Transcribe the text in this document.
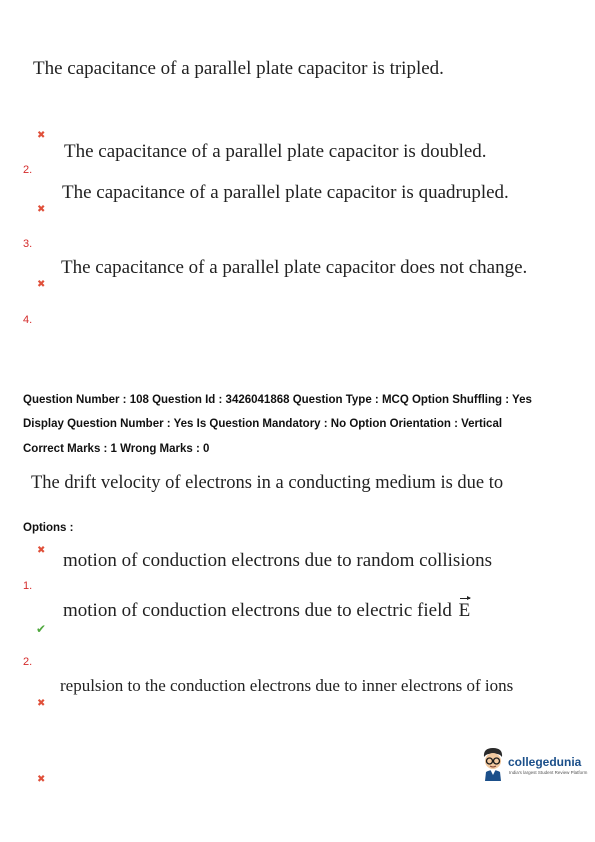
The capacitance of a parallel plate capacitor is tripled.
✖
The capacitance of a parallel plate capacitor is doubled.
2.
The capacitance of a parallel plate capacitor is quadrupled.
✖
3.
The capacitance of a parallel plate capacitor does not change.
✖
4.
Question Number : 108 Question Id : 3426041868 Question Type : MCQ Option Shuffling : Yes
Display Question Number : Yes Is Question Mandatory : No Option Orientation : Vertical
Correct Marks : 1 Wrong Marks : 0
The drift velocity of electrons in a conducting medium is due to
Options :
✖ motion of conduction electrons due to random collisions
1.
motion of conduction electrons due to electric field E
✔
2.
repulsion to the conduction electrons due to inner electrons of ions
✖
✖
collegedunia
India's largest Student Review Platform
